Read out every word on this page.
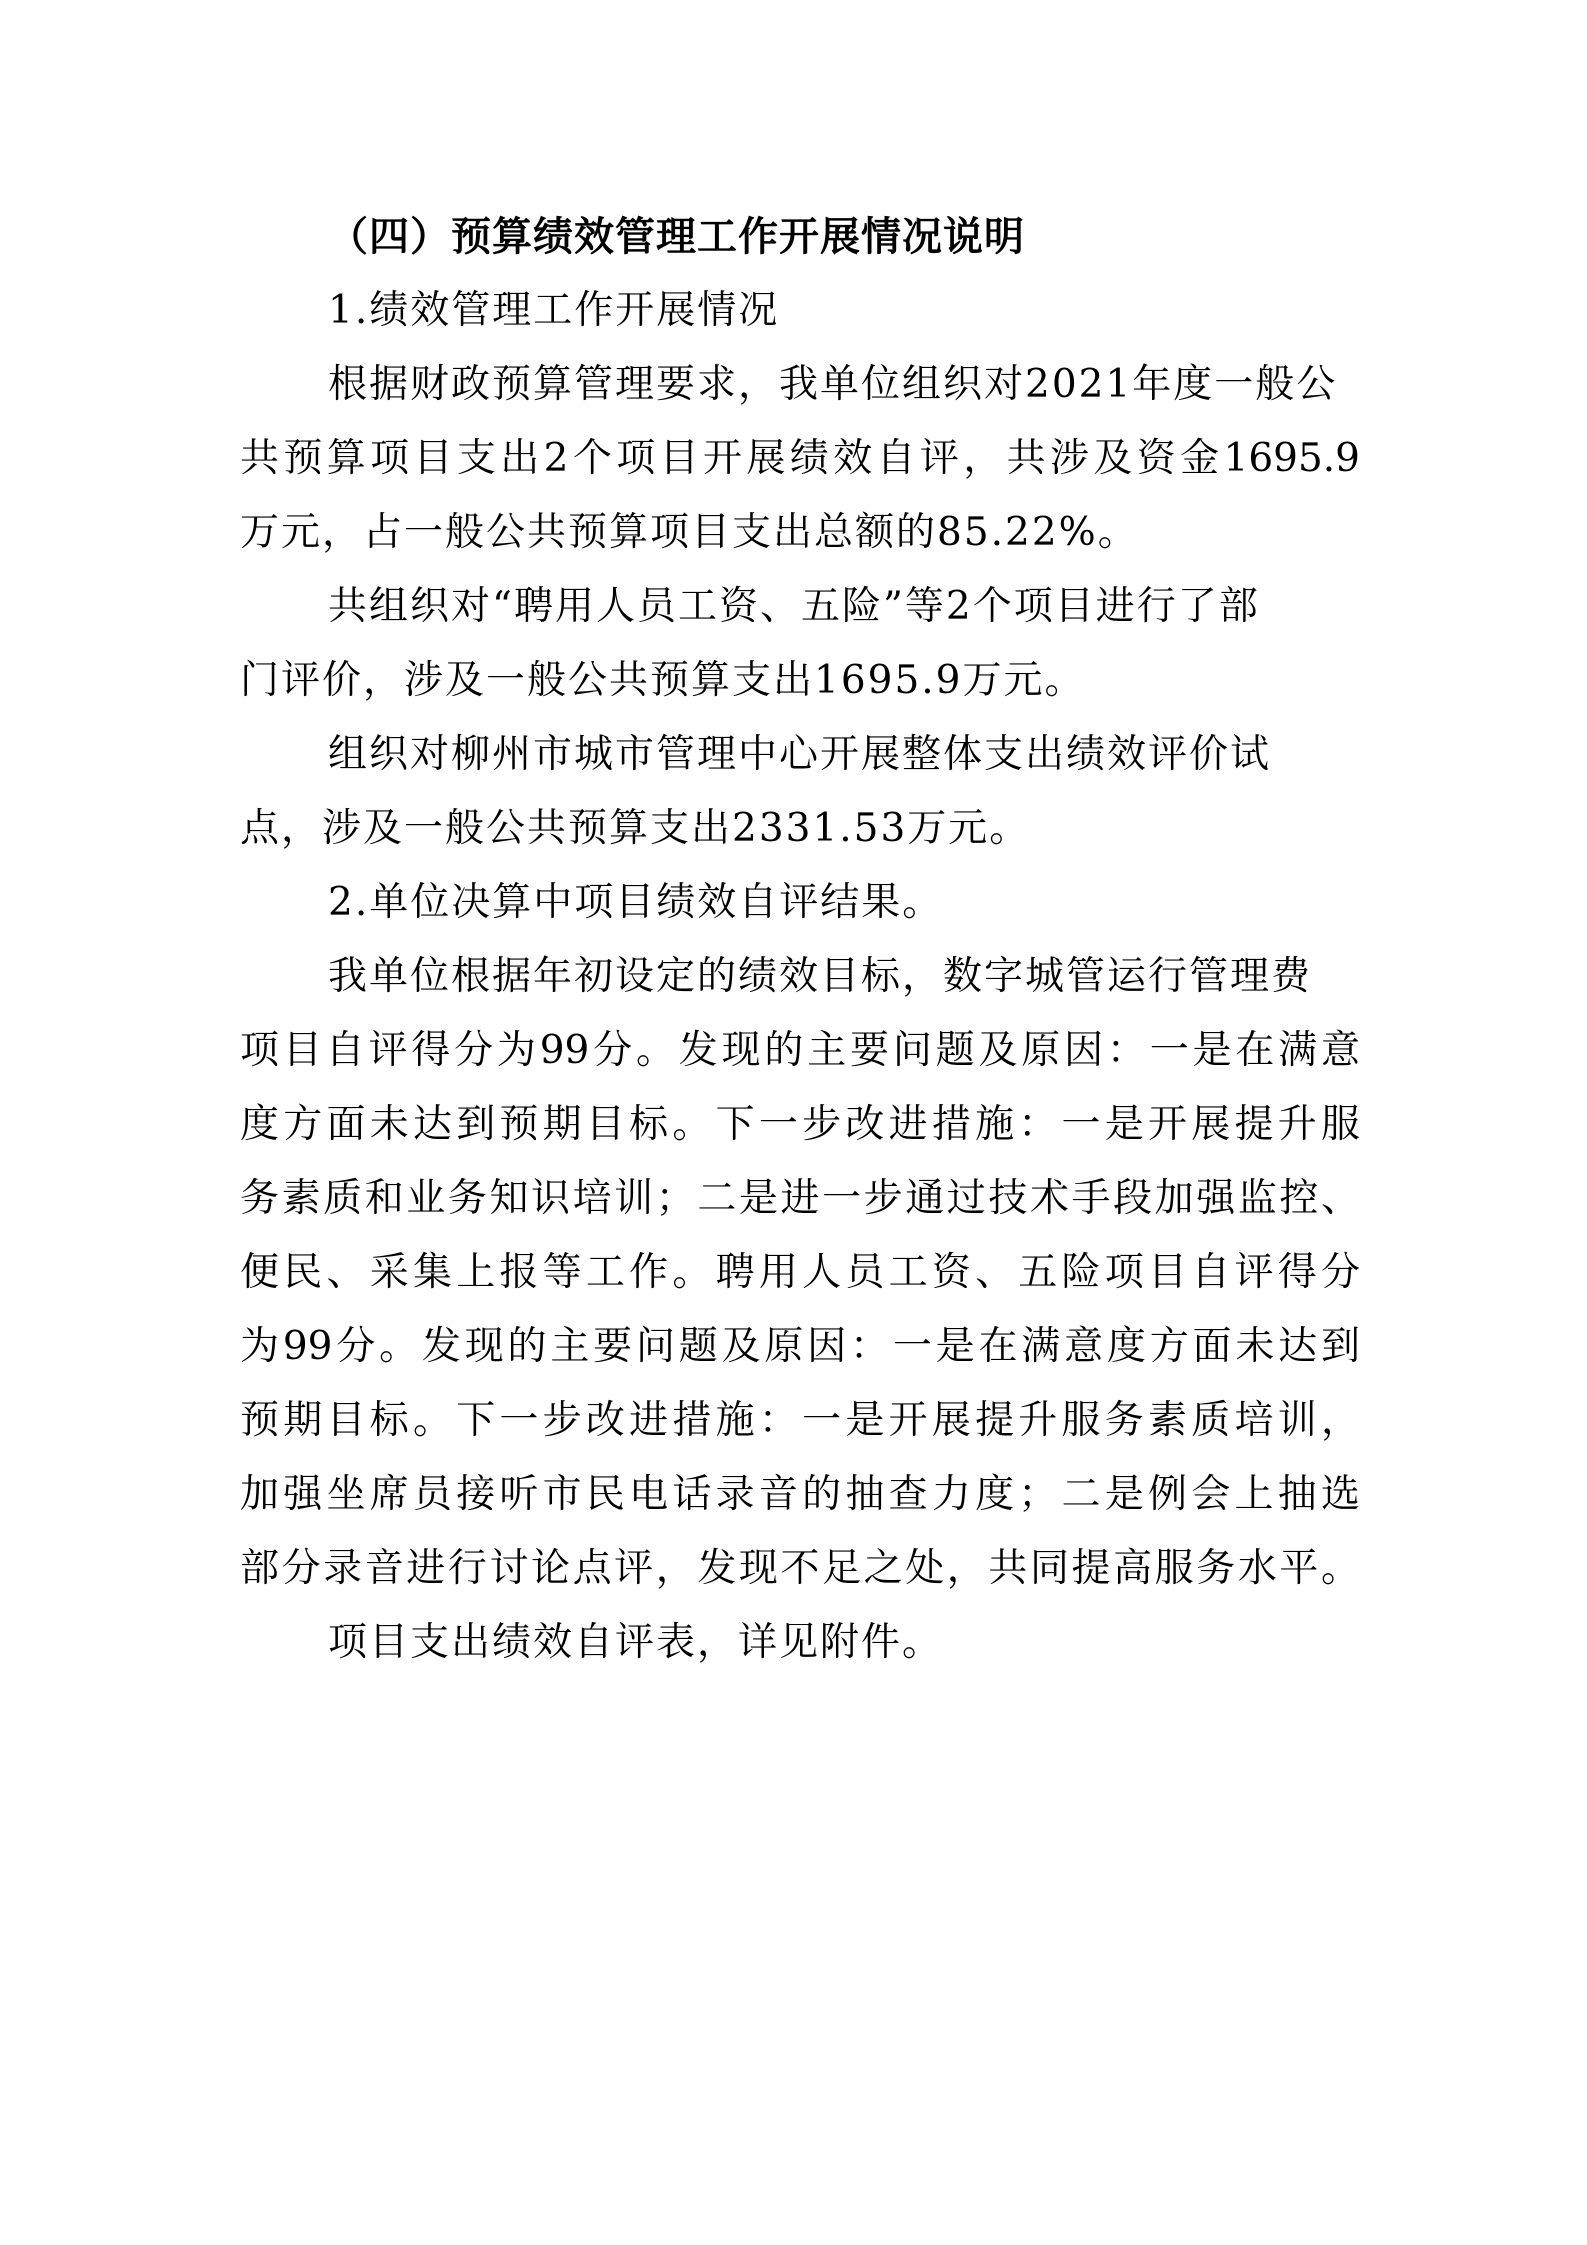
（四）预算绩效管理工作开展情况说明
1.绩效管理工作开展情况
根据财政预算管理要求，我单位组织对2021年度一般公
共预算项目支出2个项目开展绩效自评，共涉及资金1695.9
万元，占一般公共预算项目支出总额的85.22%。
共组织对“聘用人员工资、五险”等2个项目进行了部
门评价，涉及一般公共预算支出1695.9万元。
组织对柳州市城市管理中心开展整体支出绩效评价试
点，涉及一般公共预算支出2331.53万元。
2.单位决算中项目绩效自评结果。
我单位根据年初设定的绩效目标，数字城管运行管理费
项目自评得分为99分。发现的主要问题及原因：一是在满意
度方面未达到预期目标。下一步改进措施：一是开展提升服
务素质和业务知识培训；二是进一步通过技术手段加强监控、
便民、采集上报等工作。聘用人员工资、五险项目自评得分
为99分。发现的主要问题及原因：一是在满意度方面未达到
预期目标。下一步改进措施：一是开展提升服务素质培训，
加强坐席员接听市民电话录音的抽查力度；二是例会上抽选
部分录音进行讨论点评，发现不足之处，共同提高服务水平。
项目支出绩效自评表，详见附件。
